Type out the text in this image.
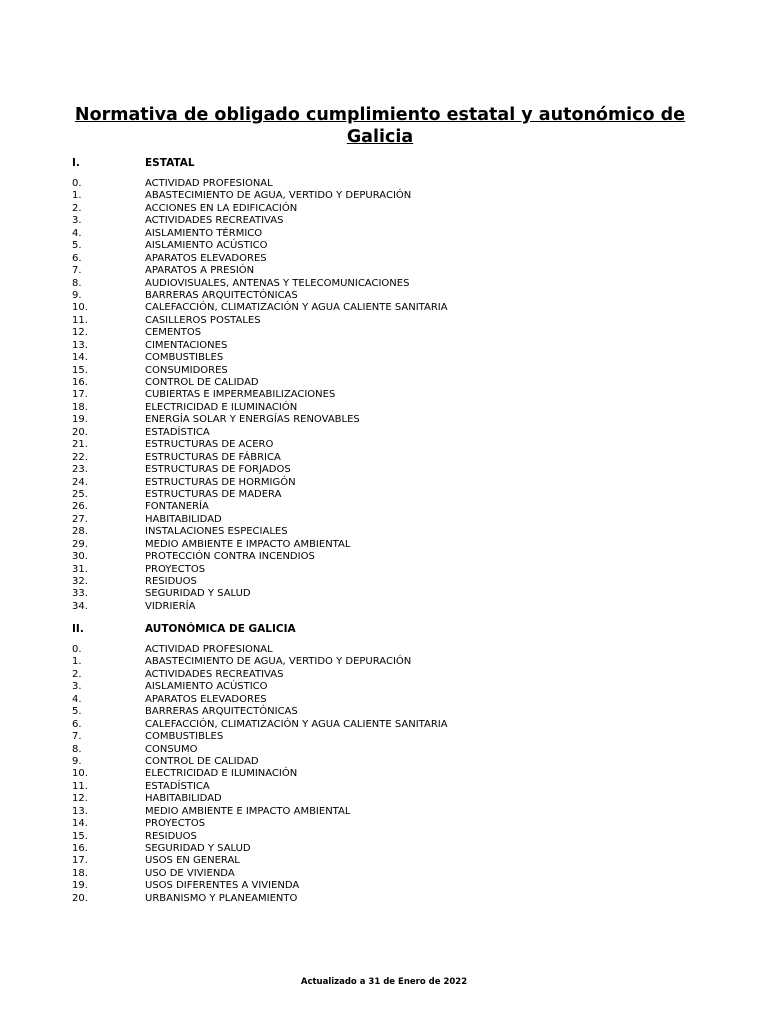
Normativa de obligado cumplimiento estatal y autonómico de Galicia
I.	ESTATAL
0.	ACTIVIDAD PROFESIONAL
1.	ABASTECIMIENTO DE AGUA, VERTIDO Y DEPURACIÓN
2.	ACCIONES EN LA EDIFICACIÓN
3.	ACTIVIDADES RECREATIVAS
4.	AISLAMIENTO TÉRMICO
5.	AISLAMIENTO ACÚSTICO
6.	APARATOS ELEVADORES
7.	APARATOS A PRESIÓN
8.	AUDIOVISUALES, ANTENAS Y TELECOMUNICACIONES
9.	BARRERAS ARQUITECTÓNICAS
10.	CALEFACCIÓN, CLIMATIZACIÓN Y AGUA CALIENTE SANITARIA
11.	CASILLEROS POSTALES
12.	CEMENTOS
13.	CIMENTACIONES
14.	COMBUSTIBLES
15.	CONSUMIDORES
16.	CONTROL DE CALIDAD
17.	CUBIERTAS E IMPERMEABILIZACIONES
18.	ELECTRICIDAD E ILUMINACIÓN
19.	ENERGÍA SOLAR Y ENERGÍAS RENOVABLES
20.	ESTADÍSTICA
21.	ESTRUCTURAS DE ACERO
22.	ESTRUCTURAS DE FÁBRICA
23.	ESTRUCTURAS DE FORJADOS
24.	ESTRUCTURAS DE HORMIGÓN
25.	ESTRUCTURAS DE MADERA
26.	FONTANERÍA
27.	HABITABILIDAD
28.	INSTALACIONES ESPECIALES
29.	MEDIO AMBIENTE E IMPACTO AMBIENTAL
30.	PROTECCIÓN CONTRA INCENDIOS
31.	PROYECTOS
32.	RESIDUOS
33.	SEGURIDAD Y SALUD
34.	VIDRIERÍA
II.	AUTONÓMICA DE GALICIA
0.	ACTIVIDAD PROFESIONAL
1.	ABASTECIMIENTO DE AGUA, VERTIDO Y DEPURACIÓN
2.	ACTIVIDADES RECREATIVAS
3.	AISLAMIENTO ACÚSTICO
4.	APARATOS ELEVADORES
5.	BARRERAS ARQUITECTÓNICAS
6.	CALEFACCIÓN, CLIMATIZACIÓN Y AGUA CALIENTE SANITARIA
7.	COMBUSTIBLES
8.	CONSUMO
9.	CONTROL DE CALIDAD
10.	ELECTRICIDAD E ILUMINACIÓN
11.	ESTADÍSTICA
12.	HABITABILIDAD
13.	MEDIO AMBIENTE E IMPACTO AMBIENTAL
14.	PROYECTOS
15.	RESIDUOS
16.	SEGURIDAD Y SALUD
17.	USOS EN GENERAL
18.	USO DE VIVIENDA
19.	USOS DIFERENTES A VIVIENDA
20.	URBANISMO Y PLANEAMIENTO
Actualizado a 31 de Enero de 2022
